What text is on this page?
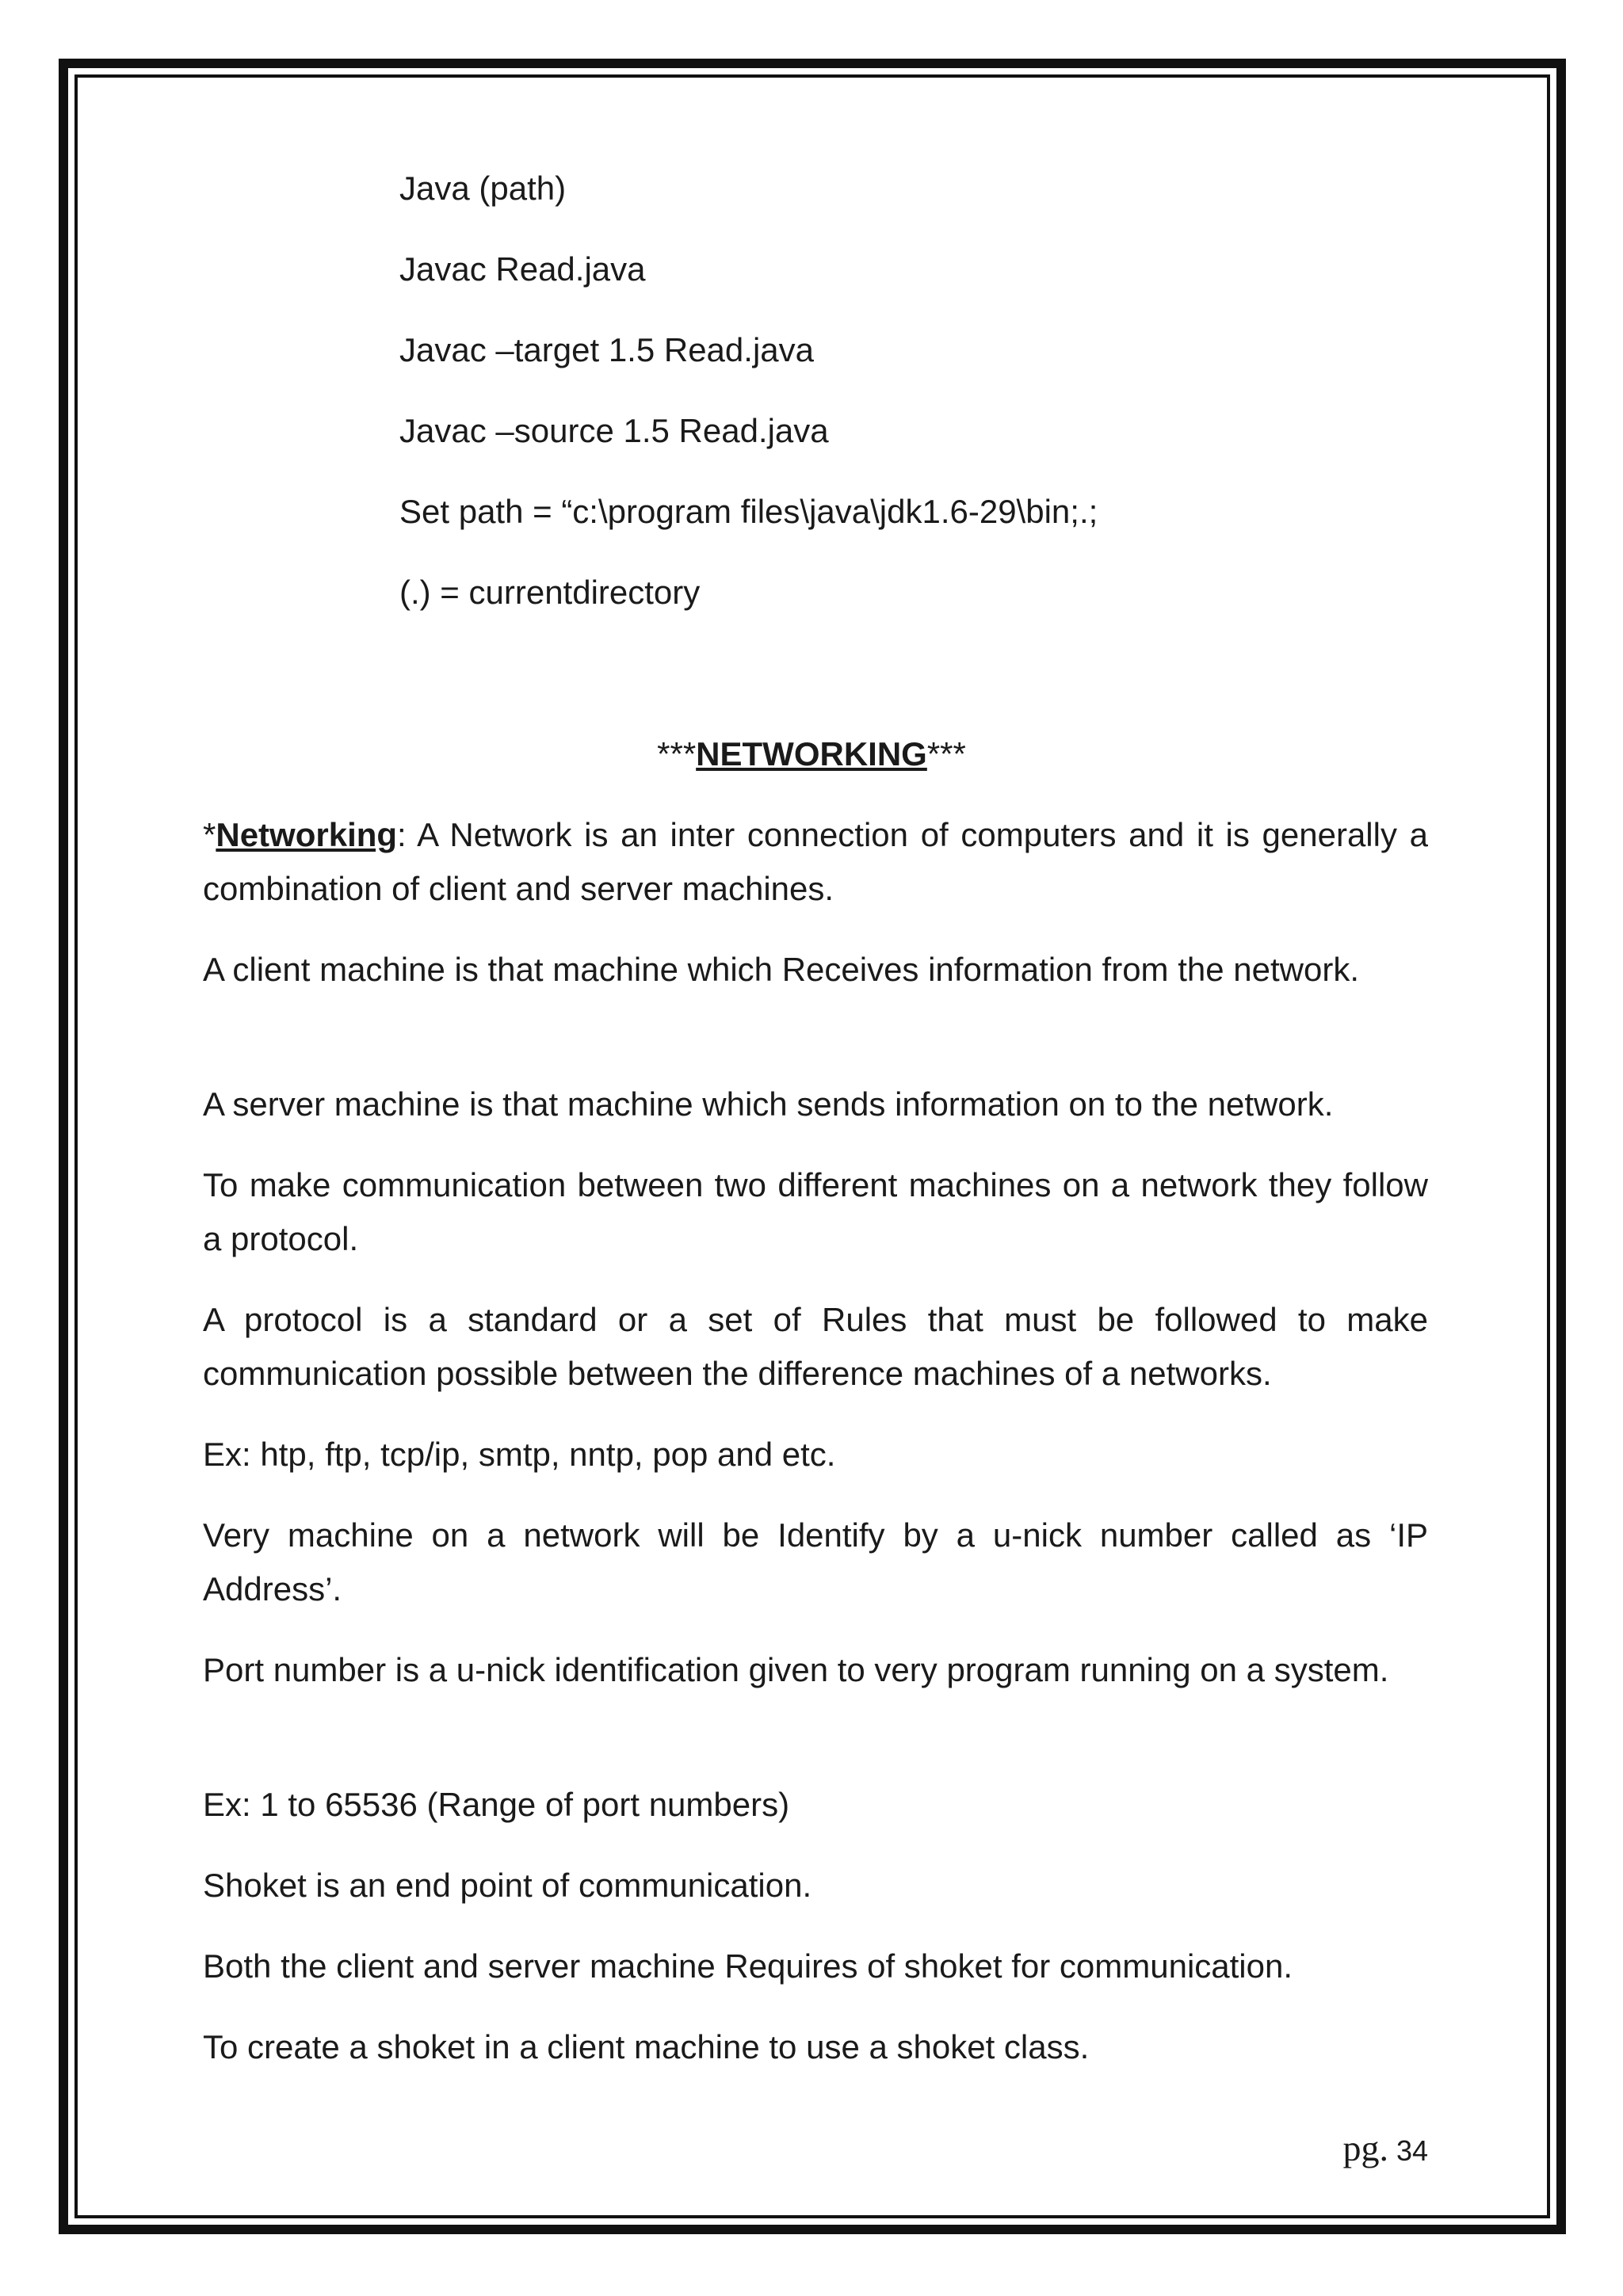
Java (path)

Javac Read.java

Javac –target 1.5 Read.java

Javac –source 1.5 Read.java

Set path = “c:\program files\java\jdk1.6-29\bin;.;

(.) = currentdirectory

***NETWORKING***

*Networking: A Network is an inter connection of computers and it is generally a combination of client and server machines.

A client machine is that machine which Receives information from the network.

A server machine is that machine which sends information on to the network.

To make communication between two different machines on a network they follow a protocol.

A protocol is a standard or a set of Rules that must be followed to make communication possible between the difference machines of a networks.

Ex: htp, ftp, tcp/ip, smtp, nntp, pop and etc.

Very machine on a network will be Identify by a u-nick number called as ‘IP Address’.

Port number is a u-nick identification given to very program running on a system.

Ex: 1 to 65536 (Range of port numbers)

Shoket is an end point of communication.

Both the client and server machine Requires of shoket for communication.

To create a shoket in a client machine to use a shoket class.

pg. 34
